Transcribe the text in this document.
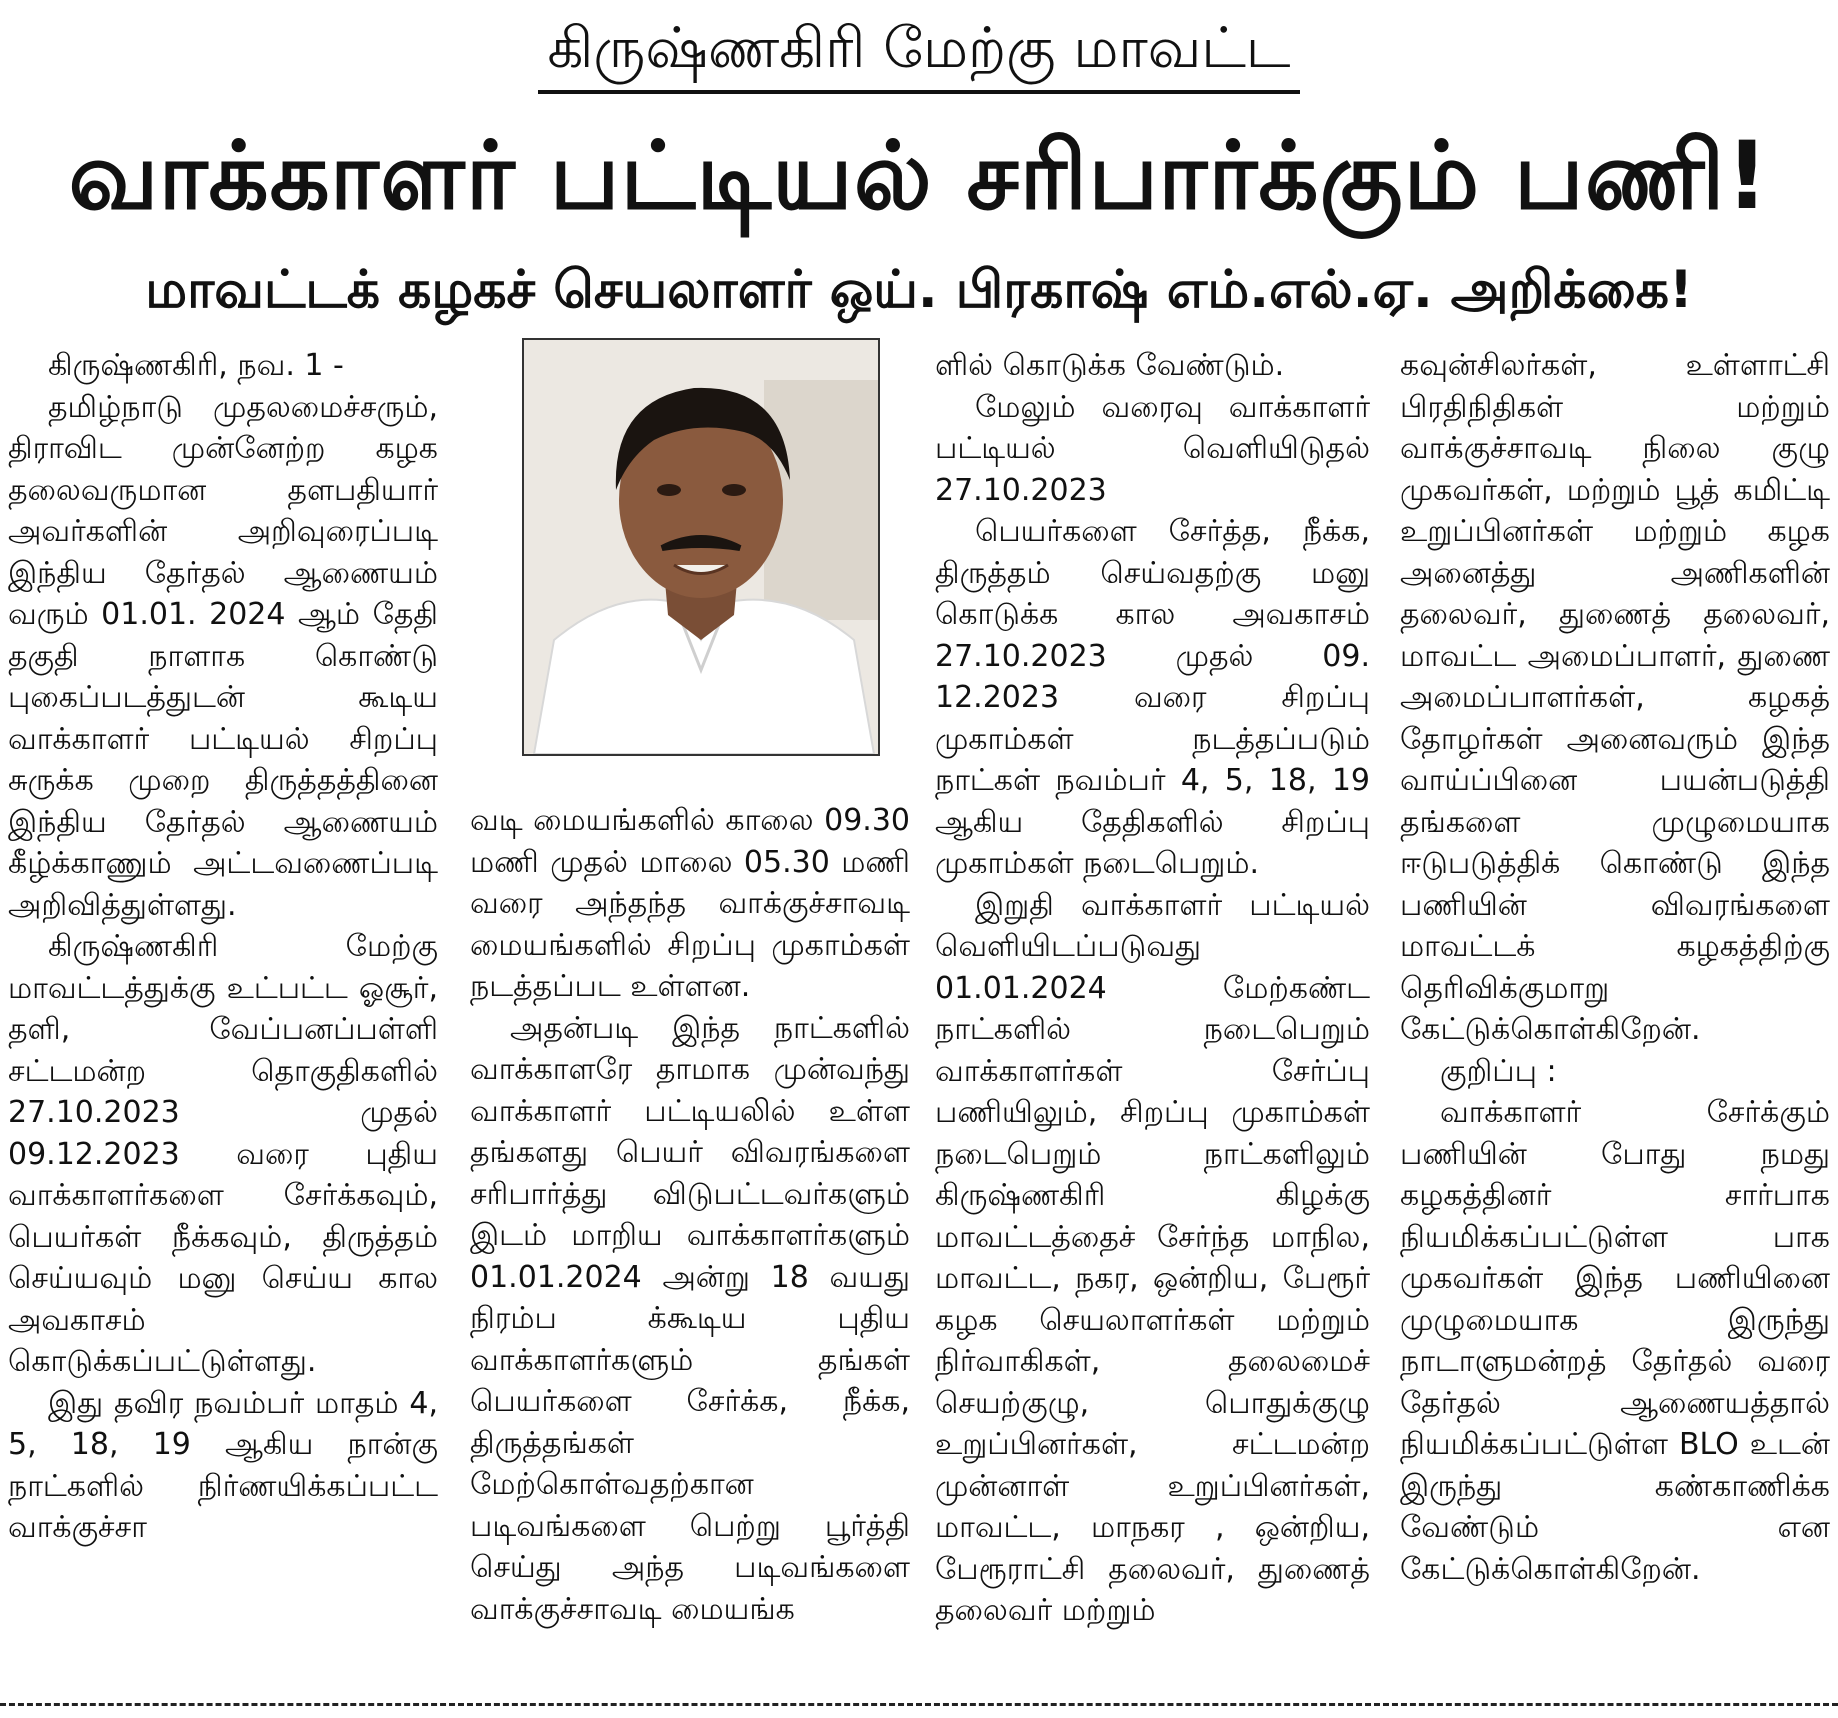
கிருஷ்ணகிரி மேற்கு மாவட்ட
வாக்காளர் பட்டியல் சரிபார்க்கும் பணி!
மாவட்டக் கழகச் செயலாளர் ஒய். பிரகாஷ் எம்.எல்.ஏ. அறிக்கை!

கிருஷ்ணகிரி, நவ. 1 -

தமிழ்நாடு முதலமைச்சரும், திராவிட முன்னேற்ற கழக தலைவருமான தளபதியார் அவர்களின் அறிவுரைப்படி இந்திய தேர்தல் ஆணையம் வரும் 01.01. 2024 ஆம் தேதி தகுதி நாளாக கொண்டு புகைப்படத்துடன் கூடிய வாக்காளர் பட்டியல் சிறப்பு சுருக்க முறை திருத்தத்தினை இந்திய தேர்தல் ஆணையம் கீழ்க்காணும் அட்டவணைப்படி அறிவித்துள்ளது.

கிருஷ்ணகிரி மேற்கு மாவட்டத்துக்கு உட்பட்ட ஓசூர், தளி, வேப்பனப்பள்ளி சட்டமன்ற தொகுதிகளில் 27.10.2023 முதல் 09.12.2023 வரை புதிய வாக்காளர்களை சேர்க்கவும், பெயர்கள் நீக்கவும், திருத்தம் செய்யவும் மனு செய்ய கால அவகாசம் கொடுக்கப்பட்டுள்ளது.

இது தவிர நவம்பர் மாதம் 4, 5, 18, 19 ஆகிய நான்கு நாட்களில் நிர்ணயிக்கப்பட்ட வாக்குச்சா

வடி மையங்களில் காலை 09.30 மணி முதல் மாலை 05.30 மணி வரை அந்தந்த வாக்குச்சாவடி மையங்களில் சிறப்பு முகாம்கள் நடத்தப்பட உள்ளன.

அதன்படி இந்த நாட்களில் வாக்காளரே தாமாக முன்வந்து வாக்காளர் பட்டியலில் உள்ள தங்களது பெயர் விவரங்களை சரிபார்த்து விடுபட்டவர்களும் இடம் மாறிய வாக்காளர்களும் 01.01.2024 அன்று 18 வயது நிரம்ப க்கூடிய புதிய வாக்காளர்களும் தங்கள் பெயர்களை சேர்க்க, நீக்க, திருத்தங்கள் மேற்கொள்வதற்கான படிவங்களை பெற்று பூர்த்தி செய்து அந்த படிவங்களை வாக்குச்சாவடி மையங்க

ளில் கொடுக்க வேண்டும்.

மேலும் வரைவு வாக்காளர் பட்டியல் வெளியிடுதல் 27.10.2023

பெயர்களை சேர்த்த, நீக்க, திருத்தம் செய்வதற்கு மனு கொடுக்க கால அவகாசம் 27.10.2023 முதல் 09. 12.2023 வரை சிறப்பு முகாம்கள் நடத்தப்படும் நாட்கள் நவம்பர் 4, 5, 18, 19 ஆகிய தேதிகளில் சிறப்பு முகாம்கள் நடைபெறும்.

இறுதி வாக்காளர் பட்டியல் வெளியிடப்படுவது 01.01.2024 மேற்கண்ட நாட்களில் நடைபெறும் வாக்காளர்கள் சேர்ப்பு பணியிலும், சிறப்பு முகாம்கள் நடைபெறும் நாட்களிலும் கிருஷ்ணகிரி கிழக்கு மாவட்டத்தைச் சேர்ந்த மாநில, மாவட்ட, நகர, ஒன்றிய, பேரூர் கழக செயலாளர்கள் மற்றும் நிர்வாகிகள், தலைமைச் செயற்குழு, பொதுக்குழு உறுப்பினர்கள், சட்டமன்ற முன்னாள் உறுப்பினர்கள், மாவட்ட, மாநகர , ஒன்றிய, பேரூராட்சி தலைவர், துணைத் தலைவர் மற்றும்

கவுன்சிலர்கள், உள்ளாட்சி பிரதிநிதிகள் மற்றும் வாக்குச்சாவடி நிலை குழு முகவர்கள், மற்றும் பூத் கமிட்டி உறுப்பினர்கள் மற்றும் கழக அனைத்து அணிகளின் தலைவர், துணைத் தலைவர், மாவட்ட அமைப்பாளர், துணை அமைப்பாளர்கள், கழகத் தோழர்கள் அனைவரும் இந்த வாய்ப்பினை பயன்படுத்தி தங்களை முழுமையாக ஈடுபடுத்திக் கொண்டு இந்த பணியின் விவரங்களை மாவட்டக் கழகத்திற்கு தெரிவிக்குமாறு கேட்டுக்கொள்கிறேன்.

குறிப்பு :

வாக்காளர் சேர்க்கும் பணியின் போது நமது கழகத்தினர் சார்பாக நியமிக்கப்பட்டுள்ள பாக முகவர்கள் இந்த பணியினை முழுமையாக இருந்து நாடாளுமன்றத் தேர்தல் வரை தேர்தல் ஆணையத்தால் நியமிக்கப்பட்டுள்ள BLO உடன் இருந்து கண்காணிக்க வேண்டும் என கேட்டுக்கொள்கிறேன்.
